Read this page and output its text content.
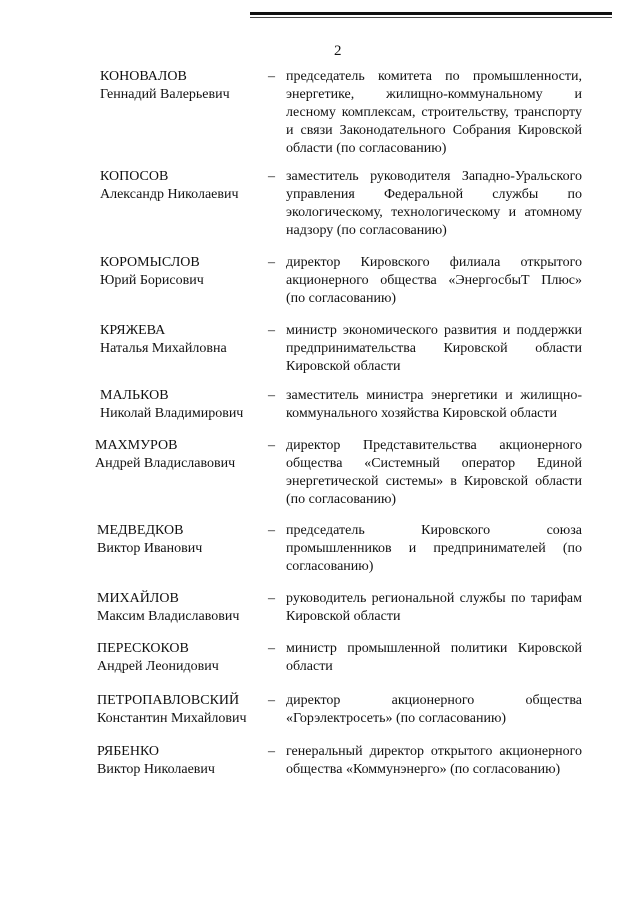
2
КОНОВАЛОВ
Геннадий Валерьевич
– председатель комитета по промышленности,
энергетике, жилищно-коммунальному и
лесному комплексам, строительству, транспорту
и связи Законодательного Собрания Кировской
области (по согласованию)
КОПОСОВ
Александр Николаевич
– заместитель руководителя Западно-Уральского
управления Федеральной службы по
экологическому, технологическому и атомному
надзору (по согласованию)
КОРОМЫСЛОВ
Юрий Борисович
– директор Кировского филиала открытого
акционерного общества «ЭнергосбыТ Плюс»
(по согласованию)
КРЯЖЕВА
Наталья Михайловна
– министр экономического развития и поддержки
предпринимательства Кировской области
Кировской области
МАЛЬКОВ
Николай Владимирович
– заместитель министра энергетики и жилищно-
коммунального хозяйства Кировской области
МАХМУРОВ
Андрей Владиславович
– директор Представительства акционерного
общества «Системный оператор Единой
энергетической системы» в Кировской области
(по согласованию)
МЕДВЕДКОВ
Виктор Иванович
– председатель Кировского союза
промышленников и предпринимателей (по
согласованию)
МИХАЙЛОВ
Максим Владиславович
– руководитель региональной службы по тарифам
Кировской области
ПЕРЕСКОКОВ
Андрей Леонидович
– министр промышленной политики Кировской
области
ПЕТРОПАВЛОВСКИЙ
Константин Михайлович
– директор акционерного общества
«Горэлектросеть» (по согласованию)
РЯБЕНКО
Виктор Николаевич
– генеральный директор открытого акционерного
общества «Коммунэнерго» (по согласованию)
